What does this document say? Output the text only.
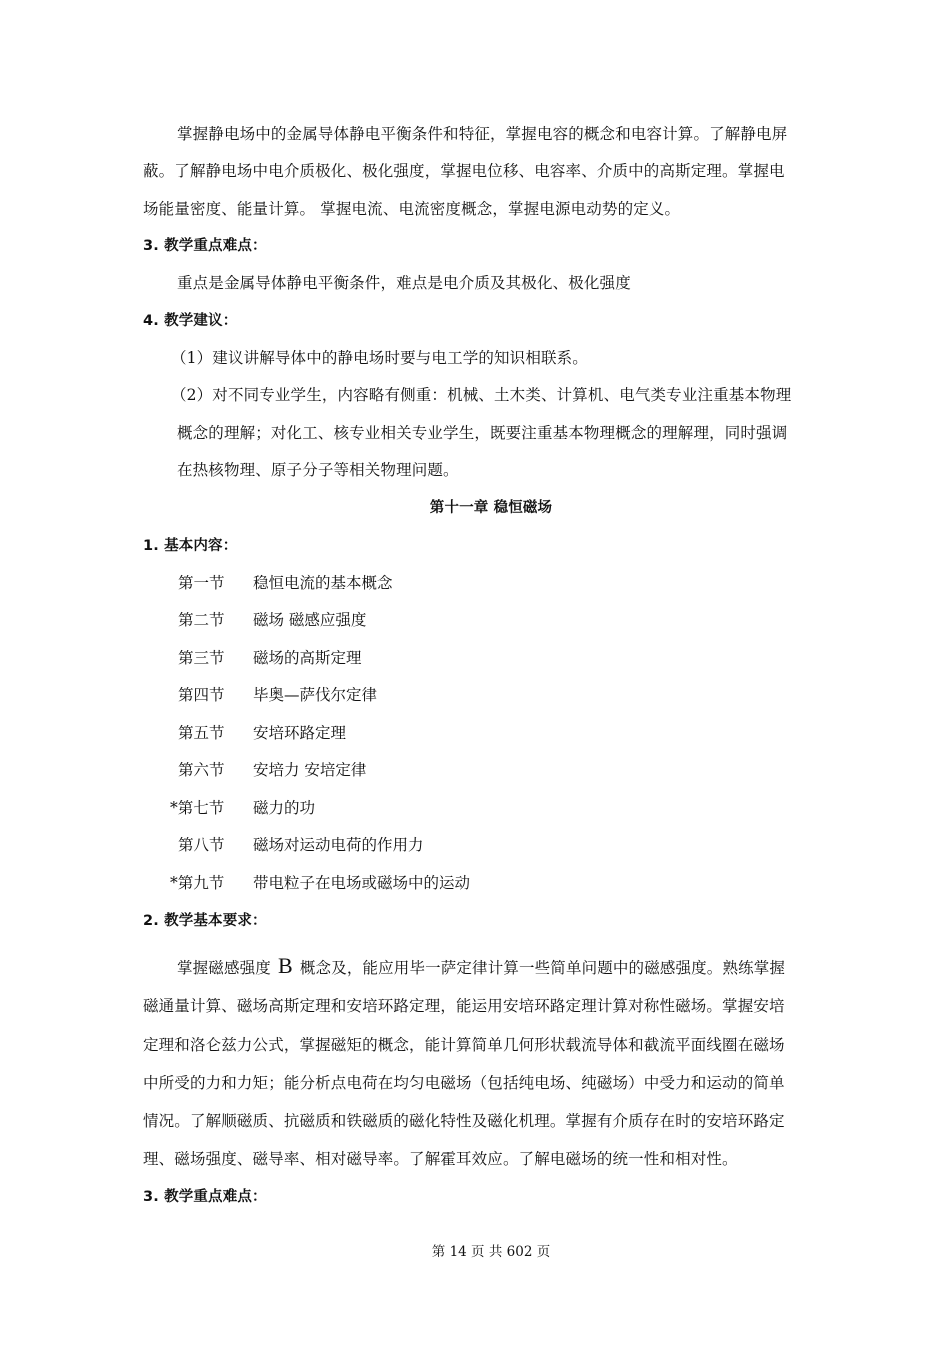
掌握静电场中的金属导体静电平衡条件和特征，掌握电容的概念和电容计算。了解静电屏
蔽。了解静电场中电介质极化、极化强度，掌握电位移、电容率、介质中的高斯定理。掌握电
场能量密度、能量计算。 掌握电流、电流密度概念，掌握电源电动势的定义。
3. 教学重点难点：
重点是金属导体静电平衡条件，难点是电介质及其极化、极化强度
4. 教学建议：
（1）建议讲解导体中的静电场时要与电工学的知识相联系。
（2）对不同专业学生，内容略有侧重：机械、土木类、计算机、电气类专业注重基本物理
概念的理解；对化工、核专业相关专业学生，既要注重基本物理概念的理解理，同时强调
在热核物理、原子分子等相关物理问题。
第十一章 稳恒磁场
1. 基本内容：
第一节 稳恒电流的基本概念
第二节 磁场 磁感应强度
第三节 磁场的高斯定理
第四节 毕奥—萨伐尔定律
第五节 安培环路定理
第六节 安培力 安培定律
*第七节 磁力的功
第八节 磁场对运动电荷的作用力
*第九节 带电粒子在电场或磁场中的运动
2. 教学基本要求：
掌握磁感强度 B 概念及，能应用毕一萨定律计算一些简单问题中的磁感强度。熟练掌握
磁通量计算、磁场高斯定理和安培环路定理，能运用安培环路定理计算对称性磁场。掌握安培
定理和洛仑兹力公式，掌握磁矩的概念，能计算简单几何形状载流导体和截流平面线圈在磁场
中所受的力和力矩；能分析点电荷在均匀电磁场（包括纯电场、纯磁场）中受力和运动的简单
情况。了解顺磁质、抗磁质和铁磁质的磁化特性及磁化机理。掌握有介质存在时的安培环路定
理、磁场强度、磁导率、相对磁导率。了解霍耳效应。了解电磁场的统一性和相对性。
3. 教学重点难点：
第 14 页 共 602 页
